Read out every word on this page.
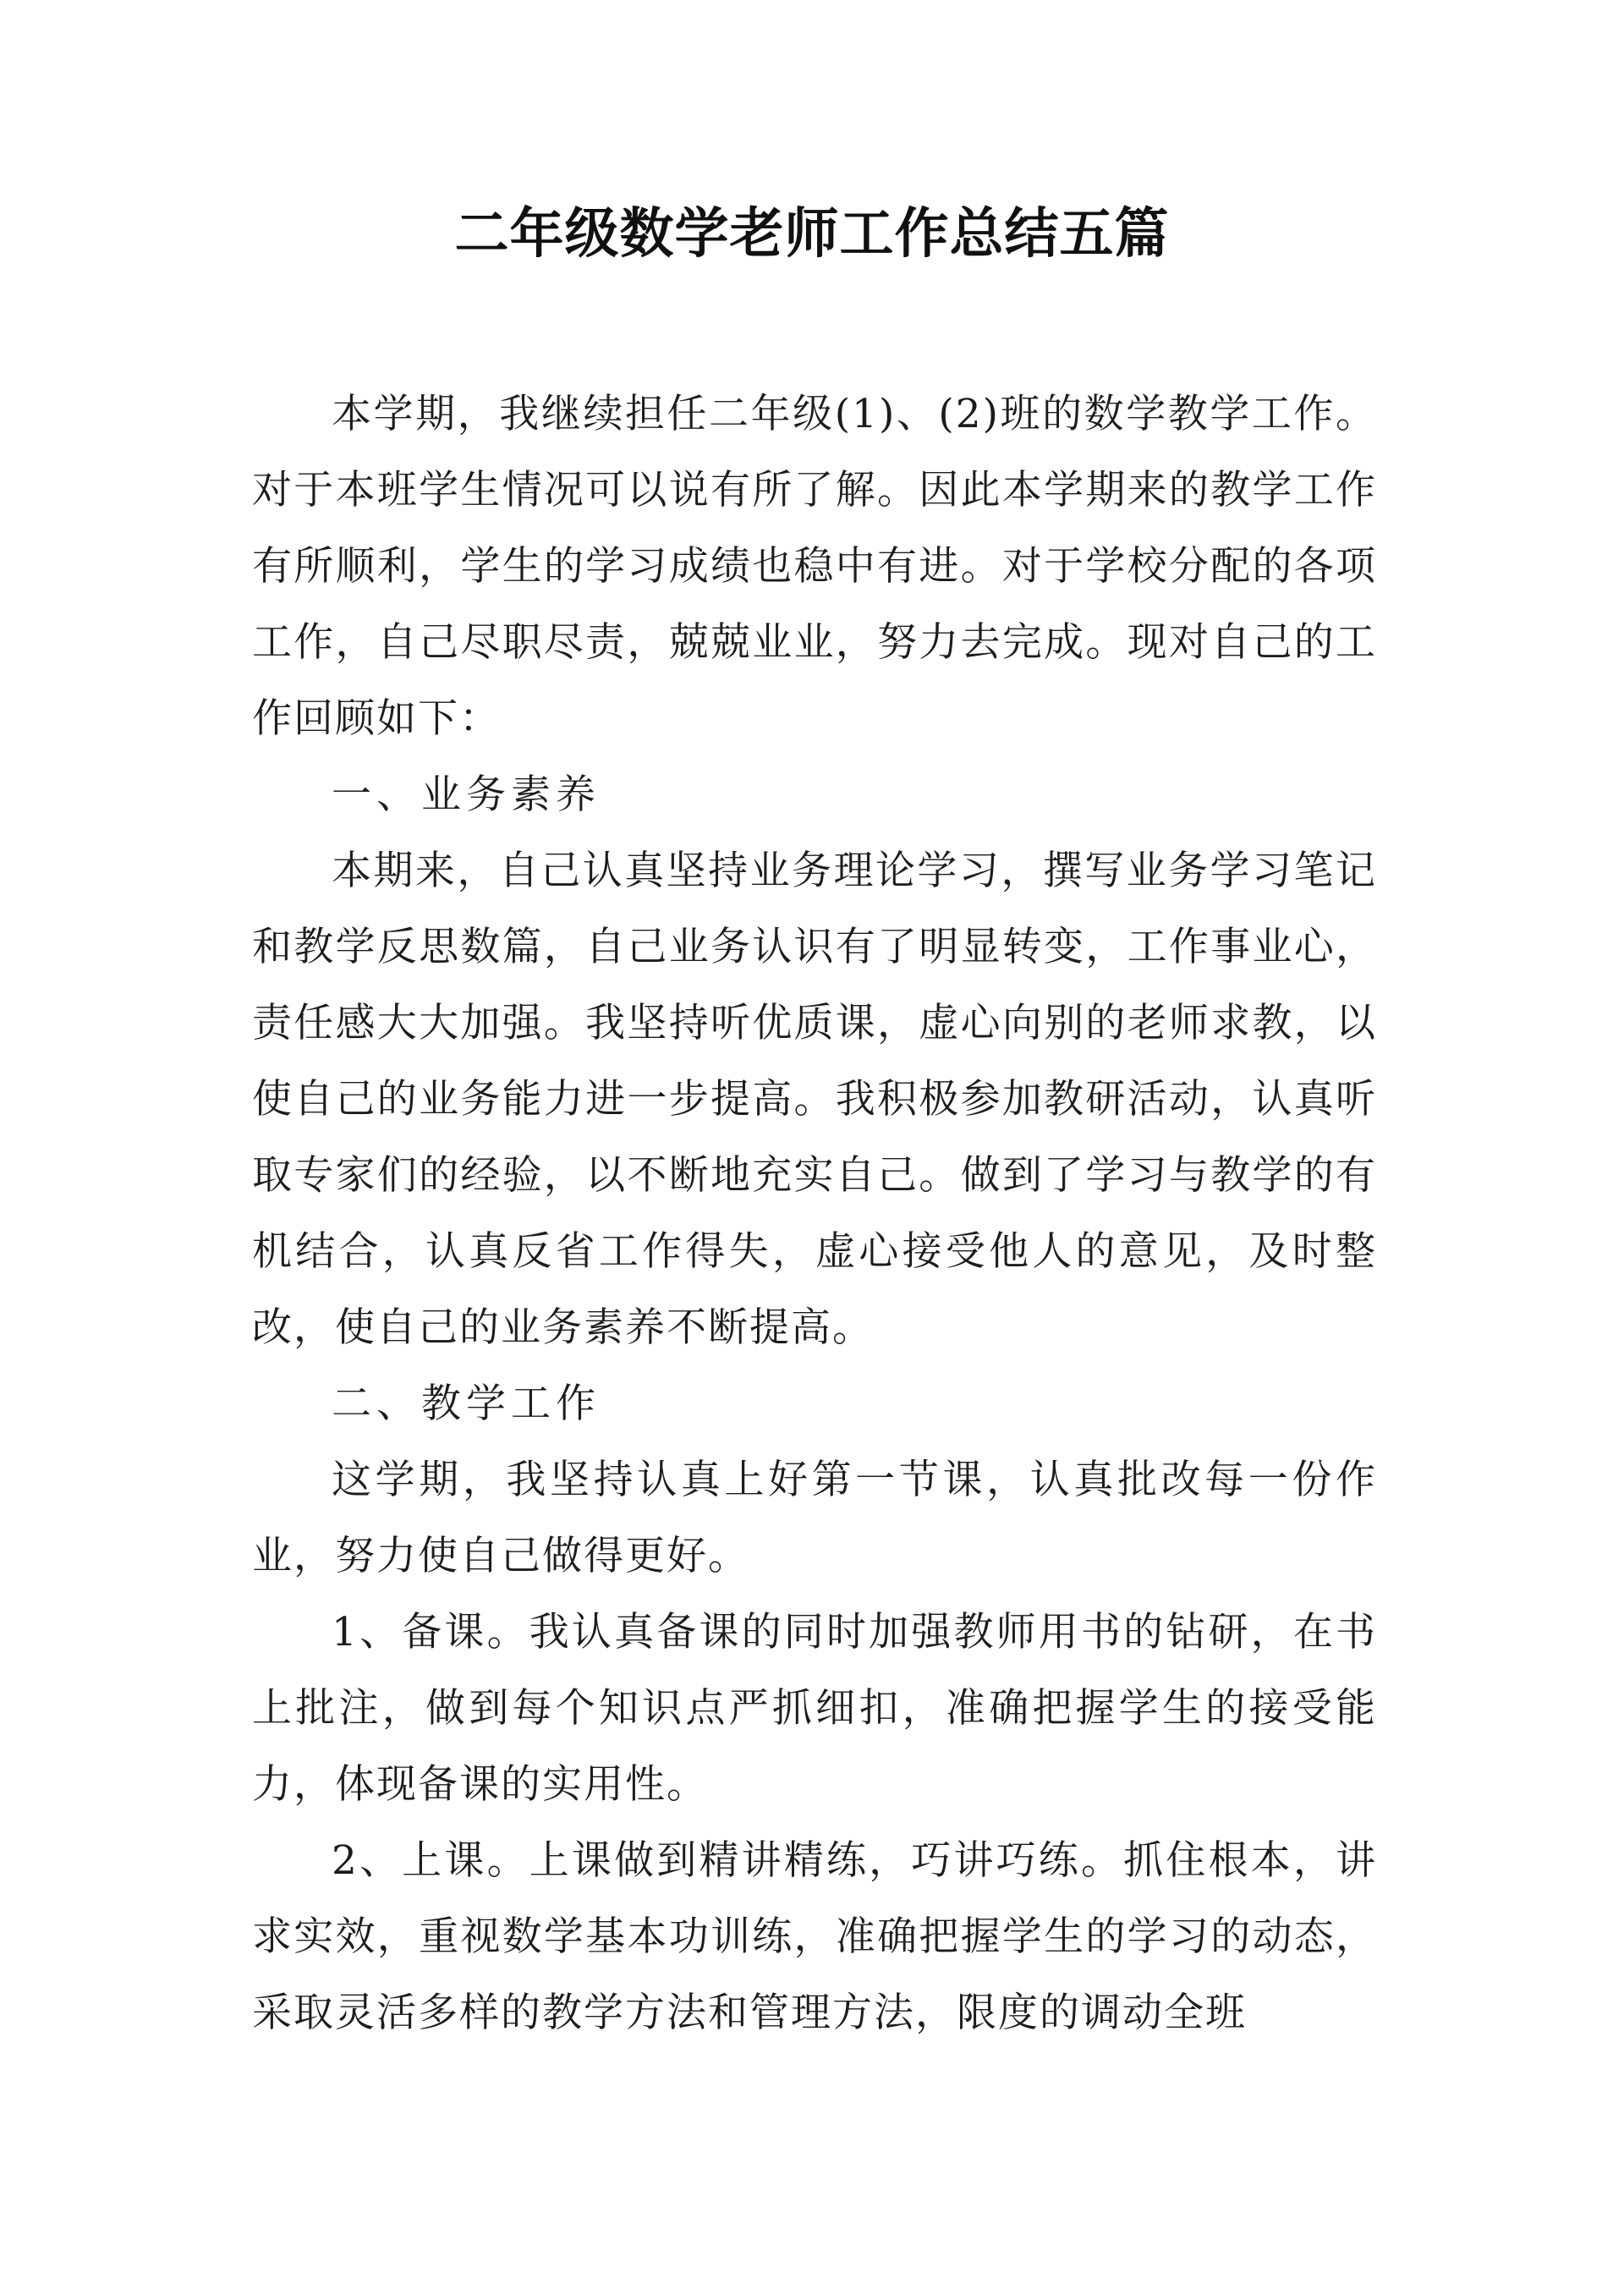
二年级数学老师工作总结五篇

本学期，我继续担任二年级(1)、(2)班的数学教学工作。对于本班学生情况可以说有所了解。因此本学期来的教学工作有所顺利，学生的学习成绩也稳中有进。对于学校分配的各项工作，自己尽职尽责，兢兢业业，努力去完成。现对自己的工作回顾如下：

一、业务素养

本期来，自己认真坚持业务理论学习，撰写业务学习笔记和教学反思数篇，自己业务认识有了明显转变，工作事业心，责任感大大加强。我坚持听优质课，虚心向别的老师求教，以使自己的业务能力进一步提高。我积极参加教研活动，认真听取专家们的经验，以不断地充实自己。做到了学习与教学的有机结合，认真反省工作得失，虚心接受他人的意见，及时整改，使自己的业务素养不断提高。

二、教学工作

这学期，我坚持认真上好第一节课，认真批改每一份作业，努力使自己做得更好。

1、备课。我认真备课的同时加强教师用书的钻研，在书上批注，做到每个知识点严抓细扣，准确把握学生的接受能力，体现备课的实用性。

2、上课。上课做到精讲精练，巧讲巧练。抓住根本，讲求实效，重视数学基本功训练，准确把握学生的学习的动态，采取灵活多样的教学方法和管理方法，限度的调动全班
